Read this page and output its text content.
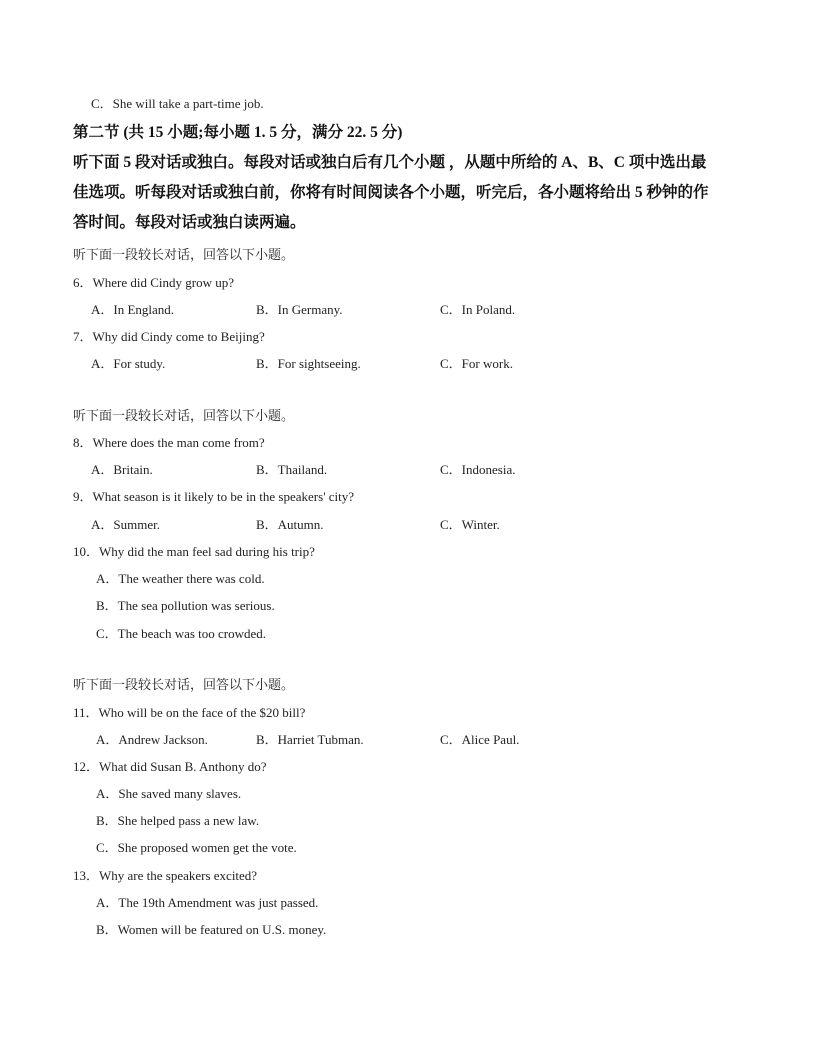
C．She will take a part-time job.
第二节 (共 15 小题;每小题 1. 5 分，满分 22. 5 分)
听下面 5 段对话或独白。每段对话或独白后有几个小题 ，从题中所给的 A、B、C 项中选出最
佳选项。听每段对话或独白前，你将有时间阅读各个小题，听完后，各小题将给出 5 秒钟的作
答时间。每段对话或独白读两遍。
听下面一段较长对话，回答以下小题。
6．Where did Cindy grow up?
A．In England.	B．In Germany.	C．In Poland.
7．Why did Cindy come to Beijing?
A．For study.	B．For sightseeing.	C．For work.
听下面一段较长对话，回答以下小题。
8．Where does the man come from?
A．Britain.	B．Thailand.	C．Indonesia.
9．What season is it likely to be in the speakers' city?
A．Summer.	B．Autumn.	C．Winter.
10．Why did the man feel sad during his trip?
A．The weather there was cold.
B．The sea pollution was serious.
C．The beach was too crowded.
听下面一段较长对话，回答以下小题。
11．Who will be on the face of the $20 bill?
A．Andrew Jackson.	B．Harriet Tubman.	C．Alice Paul.
12．What did Susan B. Anthony do?
A．She saved many slaves.
B．She helped pass a new law.
C．She proposed women get the vote.
13．Why are the speakers excited?
A．The 19th Amendment was just passed.
B．Women will be featured on U.S. money.
